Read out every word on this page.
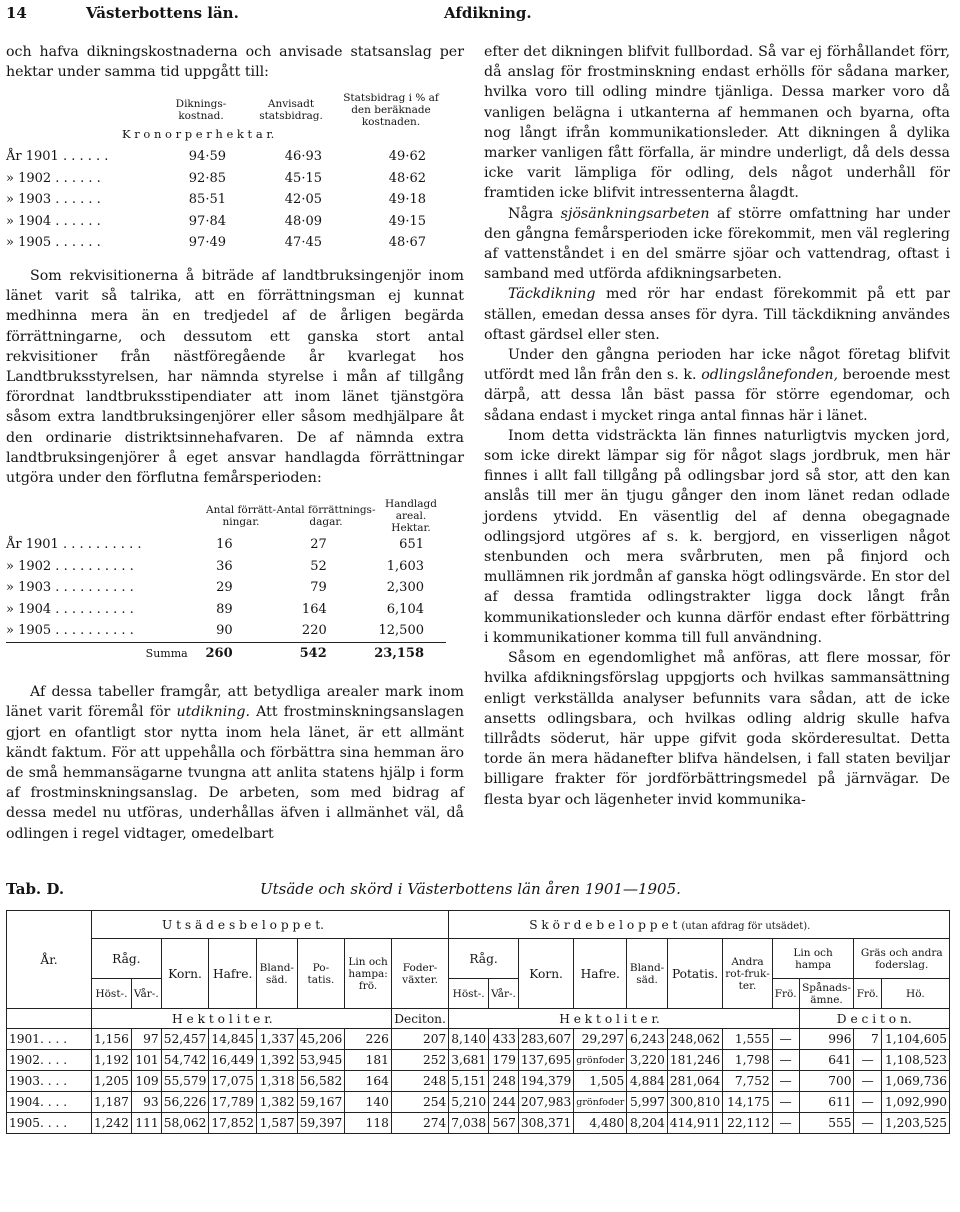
14	Västerbottens län.	Afdikning.

och hafva dikningskostnaderna och anvisade statsanslag per hektar under samma tid uppgått till:

	Diknings-kostnad.	Anvisadt statsbidrag.	Statsbidrag i % af den beräknade kostnaden.
K r o n o r p e r h e k t a r.
År 1901 . . . . . .	94·59	46·93	49·62
» 1902 . . . . . .	92·85	45·15	48·62
» 1903 . . . . . .	85·51	42·05	49·18
» 1904 . . . . . .	97·84	48·09	49·15
» 1905 . . . . . .	97·49	47·45	48·67

Som rekvisitionerna å biträde af landtbruksingenjör inom länet varit så talrika, att en förrättningsman ej kunnat medhinna mera än en tredjedel af de årligen begärda förrättningarne, och dessutom ett ganska stort antal rekvisitioner från nästföregående år kvarlegat hos Landtbruksstyrelsen, har nämnda styrelse i mån af tillgång förordnat landtbruksstipendiater att inom länet tjänstgöra såsom extra landtbruksingenjörer eller såsom medhjälpare åt den ordinarie distriktsinnehafvaren. De af nämnda extra landtbruksingenjörer å eget ansvar handlagda förrättningar utgöra under den förflutna femårsperioden:

	Antal förrätt-ningar.	Antal förrättnings-dagar.	Handlagd areal. Hektar.
År 1901 . . . . . . . . . .	16	27	651
» 1902 . . . . . . . . . .	36	52	1,603
» 1903 . . . . . . . . . .	29	79	2,300
» 1904 . . . . . . . . . .	89	164	6,104
» 1905 . . . . . . . . . .	90	220	12,500
Summa	260	542	23,158

Af dessa tabeller framgår, att betydliga arealer mark inom länet varit föremål för utdikning. Att frostminskningsanslagen gjort en ofantligt stor nytta inom hela länet, är ett allmänt kändt faktum. För att uppehålla och förbättra sina hemman äro de små hemmansägarne tvungna att anlita statens hjälp i form af frostminskningsanslag. De arbeten, som med bidrag af dessa medel nu utföras, underhållas äfven i allmänhet väl, då odlingen i regel vidtager, omedelbart

efter det dikningen blifvit fullbordad. Så var ej förhållandet förr, då anslag för frostminskning endast erhölls för sådana marker, hvilka voro till odling mindre tjänliga. Dessa marker voro då vanligen belägna i utkanterna af hemmanen och byarna, ofta nog långt ifrån kommunikationsleder. Att dikningen å dylika marker vanligen fått förfalla, är mindre underligt, då dels dessa icke varit lämpliga för odling, dels något underhåll för framtiden icke blifvit intressenterna ålagdt.

Några sjösänkningsarbeten af större omfattning har under den gångna femårsperioden icke förekommit, men väl reglering af vattenståndet i en del smärre sjöar och vattendrag, oftast i samband med utförda afdikningsarbeten.

Täckdikning med rör har endast förekommit på ett par ställen, emedan dessa anses för dyra. Till täckdikning användes oftast gärdsel eller sten.

Under den gångna perioden har icke något företag blifvit utfördt med lån från den s. k. odlingslånefonden, beroende mest därpå, att dessa lån bäst passa för större egendomar, och sådana endast i mycket ringa antal finnas här i länet.

Inom detta vidsträckta län finnes naturligtvis mycken jord, som icke direkt lämpar sig för något slags jordbruk, men här finnes i allt fall tillgång på odlingsbar jord så stor, att den kan anslås till mer än tjugu gånger den inom länet redan odlade jordens ytvidd. En väsentlig del af denna obegagnade odlingsjord utgöres af s. k. bergjord, en visserligen något stenbunden och mera svårbruten, men på finjord och mullämnen rik jordmån af ganska högt odlingsvärde. En stor del af dessa framtida odlingstrakter ligga dock långt från kommunikationsleder och kunna därför endast efter förbättring i kommunikationer komma till full användning.

Såsom en egendomlighet må anföras, att flere mossar, för hvilka afdikningsförslag uppgjorts och hvilkas sammansättning enligt verkställda analyser befunnits vara sådan, att de icke ansetts odlingsbara, och hvilkas odling aldrig skulle hafva tillrådts söderut, här uppe gifvit goda skörderesultat. Detta torde än mera hädanefter blifva händelsen, i fall staten beviljar billigare frakter för jordförbättringsmedel på järnvägar. De flesta byar och lägenheter invid kommunika-

Tab. D.	Utsäde och skörd i Västerbottens län åren 1901—1905.
År.	U t s ä d e s b e l o p p e t.								S k ö r d e b e l o p p e t (utan afdrag för utsädet).										
	Råg.		Korn.	Hafre.	Bland-säd.	Po-tatis.	Lin och hampa: frö.	Foder-växter.	Råg.		Korn.	Hafre.	Bland-säd.	Potatis.	Andra rot-fruk-ter.	Lin och hampa		Gräs och andra foderslag.	
	Höst-.	Vår-.							Höst-.	Vår-.						Frö.	Spånads-ämne.	Frö.	Hö.
	H e k t o l i t e r.							Deciton.	H e k t o l i t e r.								D e c i t o n.		
1901. . . .	1,156	97	52,457	14,845	1,337	45,206	226	207	8,140	433	283,607	29,297	6,243	248,062	1,555	—	996	7	1,104,605
1902. . . .	1,192	101	54,742	16,449	1,392	53,945	181	252	3,681	179	137,695	grönfoder	3,220	181,246	1,798	—	641	—	1,108,523
1903. . . .	1,205	109	55,579	17,075	1,318	56,582	164	248	5,151	248	194,379	1,505	4,884	281,064	7,752	—	700	—	1,069,736
1904. . . .	1,187	93	56,226	17,789	1,382	59,167	140	254	5,210	244	207,983	grönfoder	5,997	300,810	14,175	—	611	—	1,092,990
1905. . . .	1,242	111	58,062	17,852	1,587	59,397	118	274	7,038	567	308,371	4,480	8,204	414,911	22,112	—	555	—	1,203,525
